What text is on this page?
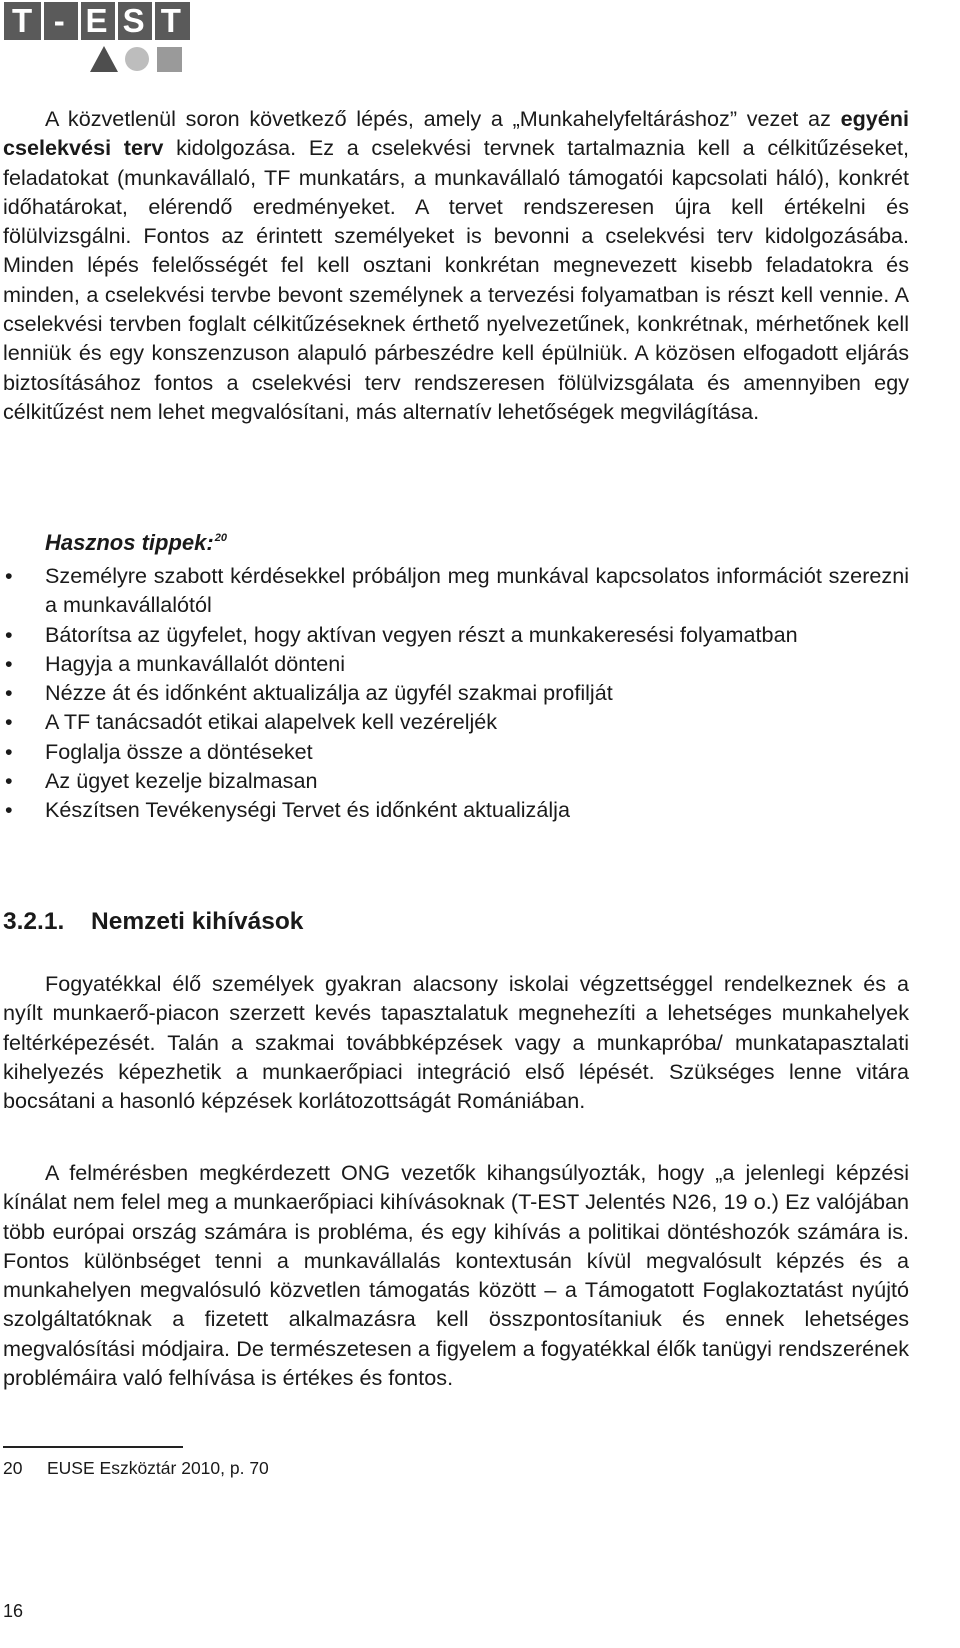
T - E S T

A közvetlenül soron következő lépés, amely a „Munkahelyfeltáráshoz” vezet az egyéni cselekvési terv kidolgozása. Ez a cselekvési tervnek tartalmaznia kell a célkitűzéseket, feladatokat (munkavállaló, TF munkatárs, a munkavállaló támogatói kapcsolati háló), konkrét időhatárokat, elérendő eredményeket. A tervet rendszeresen újra kell értékelni és fölülvizsgálni. Fontos az érintett személyeket is bevonni a cselekvési terv kidolgozásába. Minden lépés felelősségét fel kell osztani konkrétan megnevezett kisebb feladatokra és minden, a cselekvési tervbe bevont személynek a tervezési folyamatban is részt kell vennie. A cselekvési tervben foglalt célkitűzéseknek érthető nyelvezetűnek, konkrétnak, mérhetőnek kell lenniük és egy konszenzuson alapuló párbeszédre kell épülniük. A közösen elfogadott eljárás biztosításához fontos a cselekvési terv rendszeresen fölülvizsgálata és amennyiben egy célkitűzést nem lehet megvalósítani, más alternatív lehetőségek megvilágítása.

Hasznos tippek:$^{20}$

• Személyre szabott kérdésekkel próbáljon meg munkával kapcsolatos információt szerezni a munkavállalótól
• Bátorítsa az ügyfelet, hogy aktívan vegyen részt a munkakeresési folyamatban
• Hagyja a munkavállalót dönteni
• Nézze át és időnként aktualizálja az ügyfél szakmai profilját
• A TF tanácsadót etikai alapelvek kell vezéreljék
• Foglalja össze a döntéseket
• Az ügyet kezelje bizalmasan
• Készítsen Tevékenységi Tervet és időnként aktualizálja
3.2.1. Nemzeti kihívások

Fogyatékkal élő személyek gyakran alacsony iskolai végzettséggel rendelkeznek és a nyílt munkaerő-piacon szerzett kevés tapasztalatuk megnehezíti a lehetséges munkahelyek feltérképezését. Talán a szakmai továbbképzések vagy a munkapróba/ munkatapasztalati kihelyezés képezhetik a munkaerőpiaci integráció első lépését. Szükséges lenne vitára bocsátani a hasonló képzések korlátozottságát Romániában.

A felmérésben megkérdezett ONG vezetők kihangsúlyozták, hogy „a jelenlegi képzési kínálat nem felel meg a munkaerőpiaci kihívásoknak (T-EST Jelentés N26, 19 o.) Ez valójában több európai ország számára is probléma, és egy kihívás a politikai döntéshozók számára is. Fontos különbséget tenni a munkavállalás kontextusán kívül megvalósult képzés és a munkahelyen megvalósuló közvetlen támogatás között – a Támogatott Foglakoztatást nyújtó szolgáltatóknak a fizetett alkalmazásra kell összpontosítaniuk és ennek lehetséges megvalósítási módjaira. De természetesen a figyelem a fogyatékkal élők tanügyi rendszerének problémáira való felhívása is értékes és fontos.

20 EUSE Eszköztár 2010, p. 70

16
